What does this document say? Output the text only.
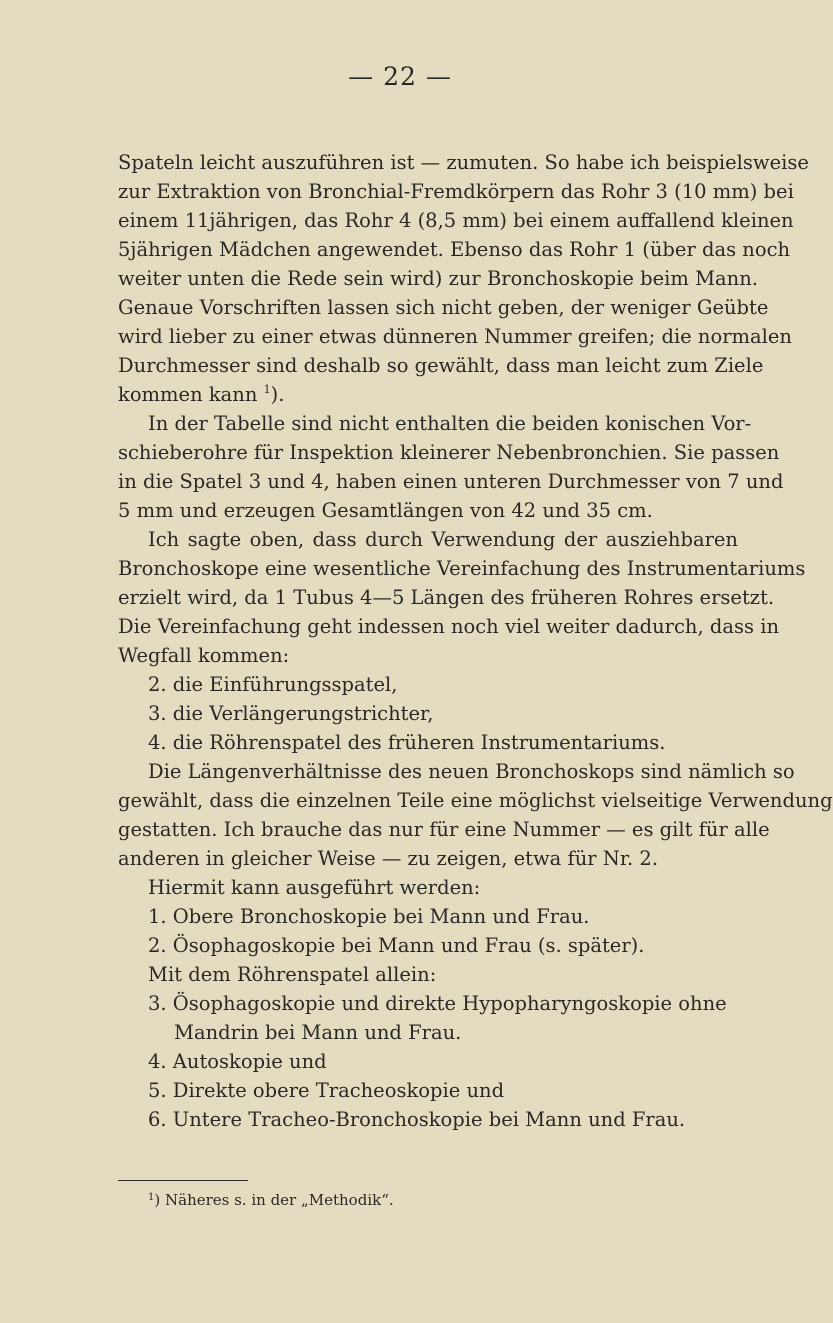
— 22 —
Spateln leicht auszuführen ist — zumuten. So habe ich beispielsweise
zur Extraktion von Bronchial-Fremdkörpern das Rohr 3 (10 mm) bei
einem 11jährigen, das Rohr 4 (8,5 mm) bei einem auffallend kleinen
5jährigen Mädchen angewendet. Ebenso das Rohr 1 (über das noch
weiter unten die Rede sein wird) zur Bronchoskopie beim Mann.
Genaue Vorschriften lassen sich nicht geben, der weniger Geübte
wird lieber zu einer etwas dünneren Nummer greifen; die normalen
Durchmesser sind deshalb so gewählt, dass man leicht zum Ziele
kommen kann $^1$).
In der Tabelle sind nicht enthalten die beiden konischen Vor-
schieberohre für Inspektion kleinerer Nebenbronchien. Sie passen
in die Spatel 3 und 4, haben einen unteren Durchmesser von 7 und
5 mm und erzeugen Gesamtlängen von 42 und 35 cm.
Ich sagte oben, dass durch Verwendung der ausziehbaren
Bronchoskope eine wesentliche Vereinfachung des Instrumentariums
erzielt wird, da 1 Tubus 4—5 Längen des früheren Rohres ersetzt.
Die Vereinfachung geht indessen noch viel weiter dadurch, dass in
Wegfall kommen:
2. die Einführungsspatel,
3. die Verlängerungstrichter,
4. die Röhrenspatel des früheren Instrumentariums.
Die Längenverhältnisse des neuen Bronchoskops sind nämlich so
gewählt, dass die einzelnen Teile eine möglichst vielseitige Verwendung
gestatten. Ich brauche das nur für eine Nummer — es gilt für alle
anderen in gleicher Weise — zu zeigen, etwa für Nr. 2.
Hiermit kann ausgeführt werden:
1. Obere Bronchoskopie bei Mann und Frau.
2. Ösophagoskopie bei Mann und Frau (s. später).
Mit dem Röhrenspatel allein:
3. Ösophagoskopie und direkte Hypopharyngoskopie ohne
Mandrin bei Mann und Frau.
4. Autoskopie und
5. Direkte obere Tracheoskopie und
6. Untere Tracheo-Bronchoskopie bei Mann und Frau.
$^1$) Näheres s. in der „Methodik“.
